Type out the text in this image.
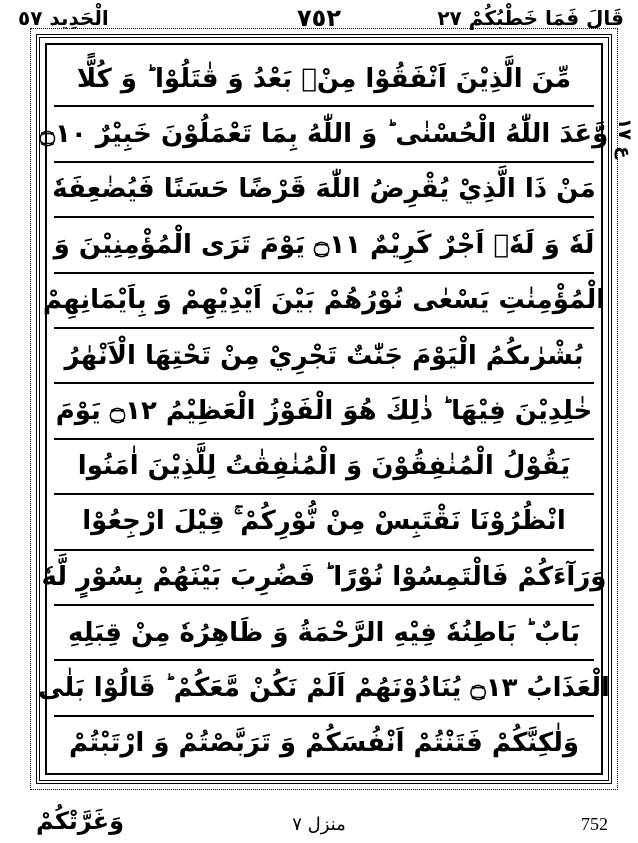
قَالَ فَمَا خَطْبُكُمْ ٢٧
٧٥٢
الْحَدِيد ٥٧
مِّنَ الَّذِيْنَ اَنْفَقُوْا مِنْۢ بَعْدُ وَ قٰتَلُوْا ؕ وَ كُلًّا
وَّعَدَ اللّٰهُ الْحُسْنٰى ؕ وَ اللّٰهُ بِمَا تَعْمَلُوْنَ خَبِيْرٌ ۝١٠
مَنْ ذَا الَّذِيْ يُقْرِضُ اللّٰهَ قَرْضًا حَسَنًا فَيُضٰعِفَهٗ
لَهٗ وَ لَهٗۤ اَجْرٌ كَرِيْمٌ ۝١١ يَوْمَ تَرَى الْمُؤْمِنِيْنَ وَ
الْمُؤْمِنٰتِ يَسْعٰى نُوْرُهُمْ بَيْنَ اَيْدِيْهِمْ وَ بِاَيْمَانِهِمْ
بُشْرٰىكُمُ الْيَوْمَ جَنّٰتٌ تَجْرِيْ مِنْ تَحْتِهَا الْاَنْهٰرُ
خٰلِدِيْنَ فِيْهَا ؕ ذٰلِكَ هُوَ الْفَوْزُ الْعَظِيْمُ ۝١٢ يَوْمَ
يَقُوْلُ الْمُنٰفِقُوْنَ وَ الْمُنٰفِقٰتُ لِلَّذِيْنَ اٰمَنُوا
انْظُرُوْنَا نَقْتَبِسْ مِنْ نُّوْرِكُمْ ۚ قِيْلَ ارْجِعُوْا
وَرَآءَكُمْ فَالْتَمِسُوْا نُوْرًا ؕ فَضُرِبَ بَيْنَهُمْ بِسُوْرٍ لَّهٗ
بَابٌ ؕ بَاطِنُهٗ فِيْهِ الرَّحْمَةُ وَ ظَاهِرُهٗ مِنْ قِبَلِهِ
الْعَذَابُ ۝١٣ يُنَادُوْنَهُمْ اَلَمْ نَكُنْ مَّعَكُمْ ؕ قَالُوْا بَلٰى
وَلٰكِنَّكُمْ فَتَنْتُمْ اَنْفُسَكُمْ وَ تَرَبَّصْتُمْ وَ ارْتَبْتُمْ
ع ١٧
وَغَرَّتْكُمْ	منزل ٧	752
